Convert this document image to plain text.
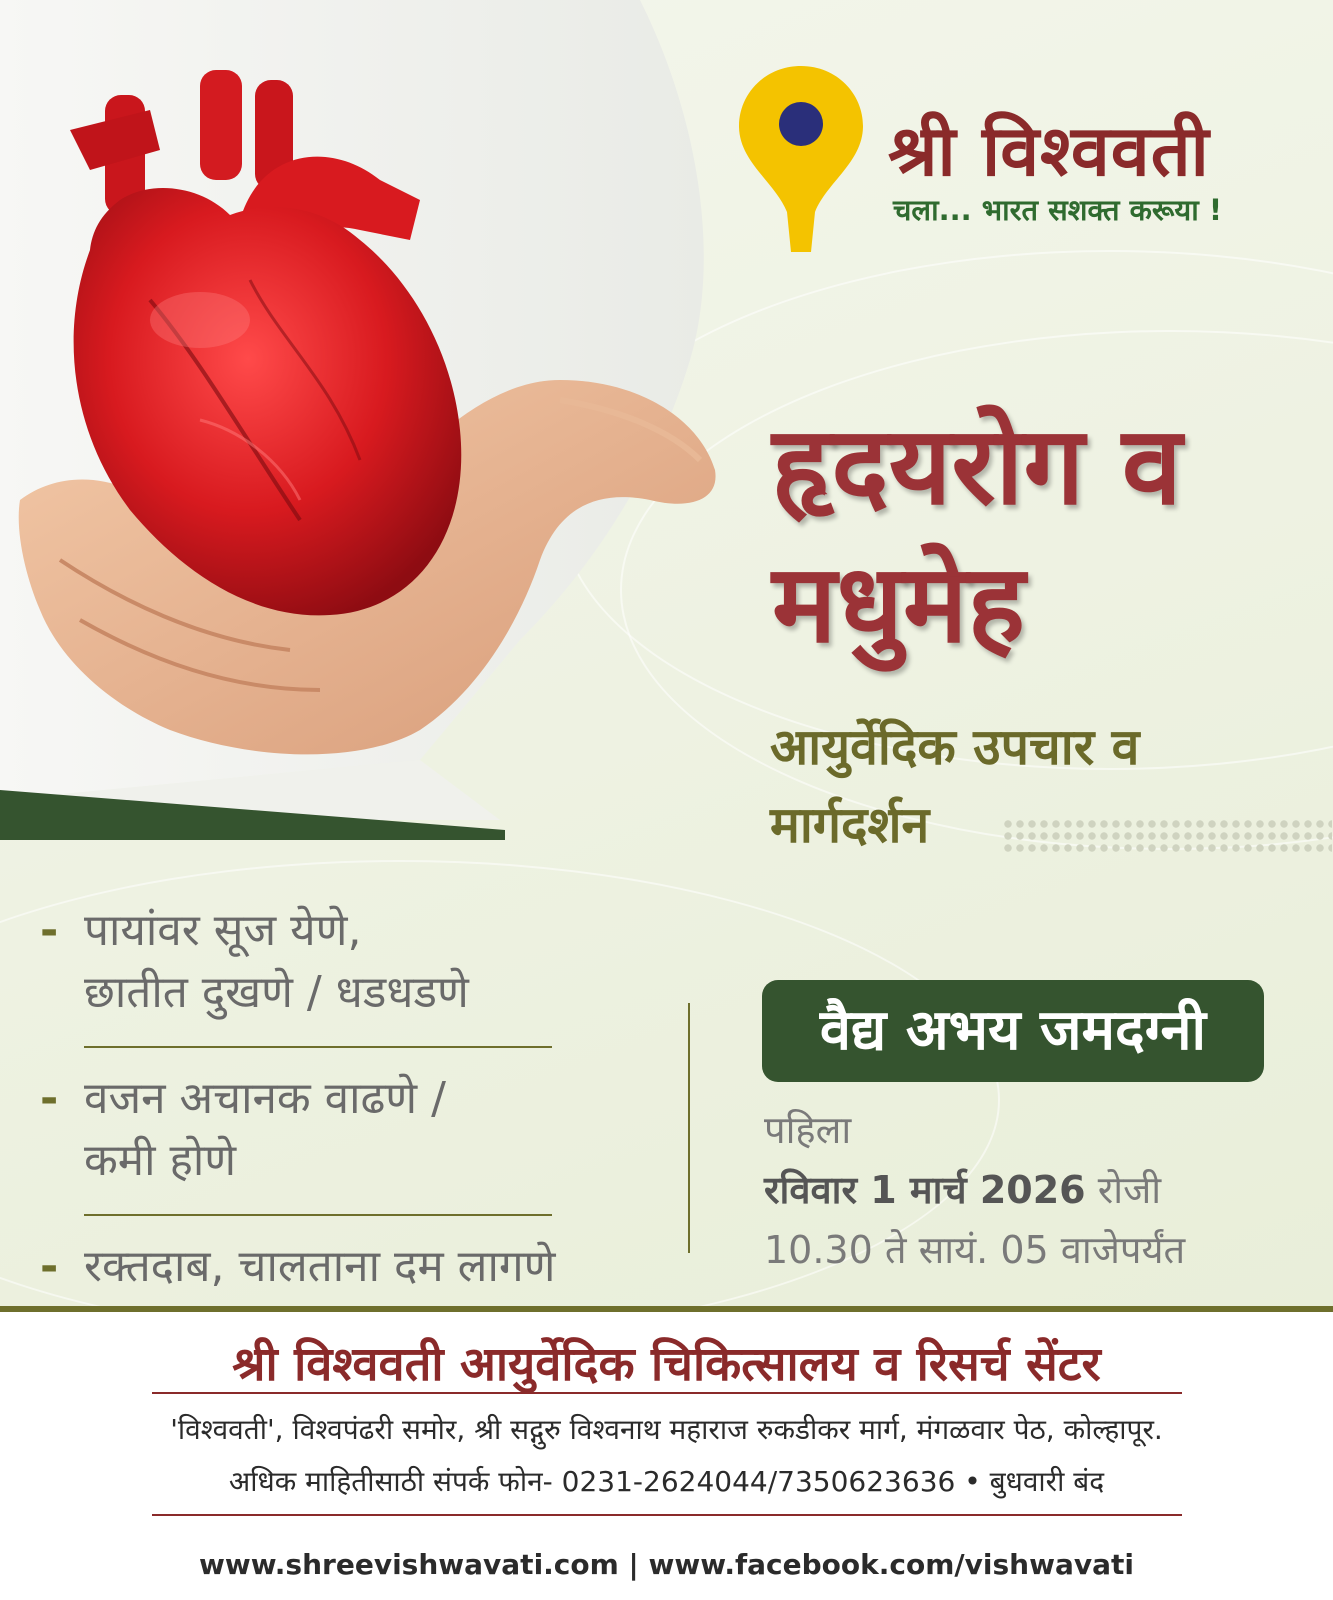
श्री विश्ववती
चला... भारत सशक्त करूया !
हृदयरोग व
मधुमेह
आयुर्वेदिक उपचार व
मार्गदर्शन
- पायांवर सूज येणे,
छातीत दुखणे / धडधडणे
- वजन अचानक वाढणे /
कमी होणे
- रक्तदाब, चालताना दम लागणे
वैद्य अभय जमदग्नी
पहिला
रविवार 1 मार्च 2026 रोजी
10.30 ते सायं. 05 वाजेपर्यंत
श्री विश्ववती आयुर्वेदिक चिकित्सालय व रिसर्च सेंटर
'विश्ववती', विश्वपंढरी समोर, श्री सद्गुरु विश्वनाथ महाराज रुकडीकर मार्ग, मंगळवार पेठ, कोल्हापूर.
अधिक माहितीसाठी संपर्क फोन- 0231-2624044/7350623636 • बुधवारी बंद
www.shreevishwavati.com | www.facebook.com/vishwavati
